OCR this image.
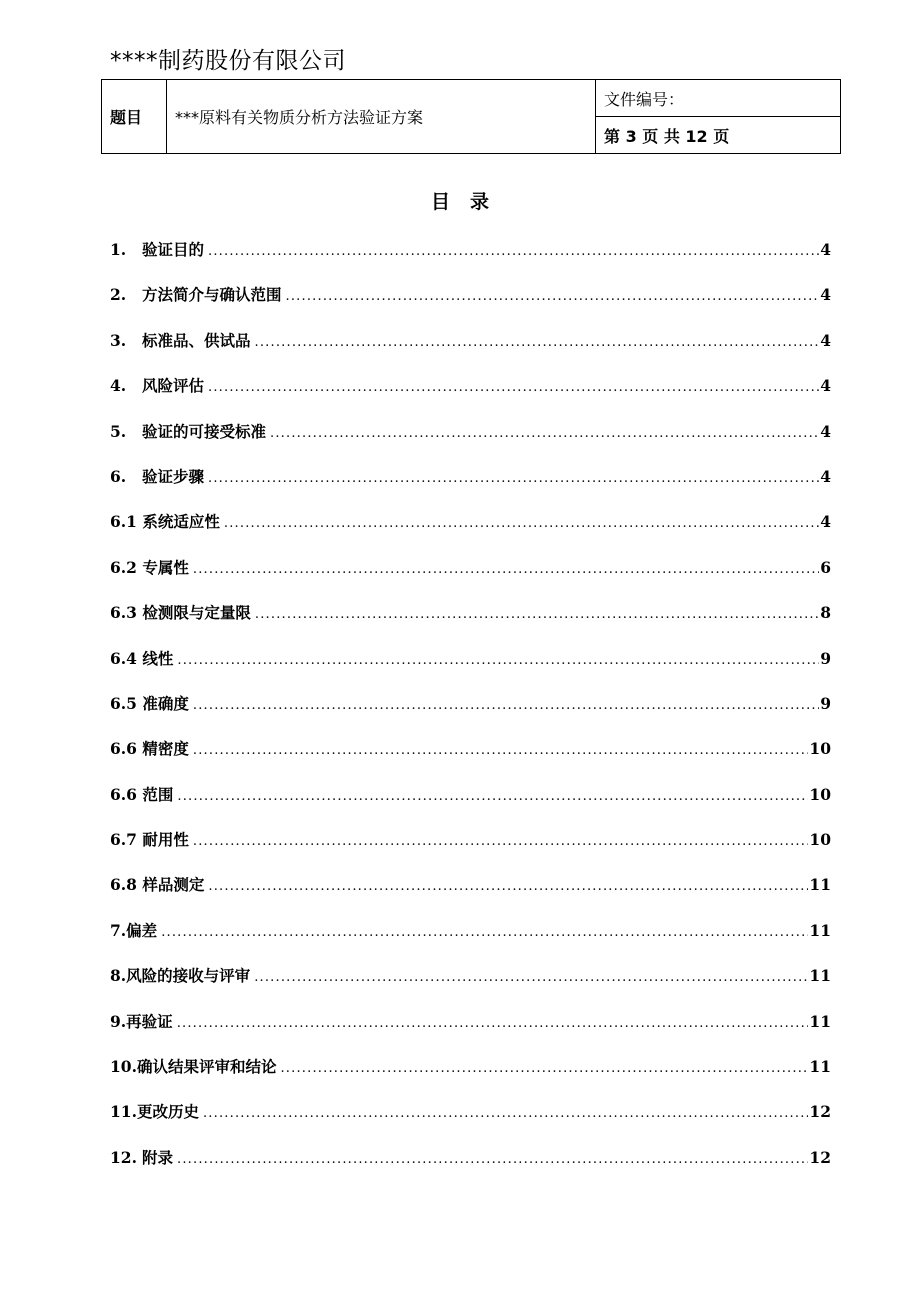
****制药股份有限公司
题目	***原料有关物质分析方法验证方案	文件编号：
第 3 页 共 12 页
目录
1. 验证目的 .....	4
2. 方法简介与确认范围 .....	4
3. 标准品、供试品 .....	4
4. 风险评估 .....	4
5. 验证的可接受标准 .....	4
6. 验证步骤 .....	4
6.1 系统适应性 .....	4
6.2 专属性 .....	6
6.3 检测限与定量限 .....	8
6.4 线性 .....	9
6.5 准确度 .....	9
6.6 精密度 .....	10
6.6 范围 .....	10
6.7 耐用性 .....	10
6.8 样品测定 .....	11
7.偏差 .....	11
8.风险的接收与评审 .....	11
9.再验证 .....	11
10.确认结果评审和结论 .....	11
11.更改历史 .....	12
12. 附录 .....	12
